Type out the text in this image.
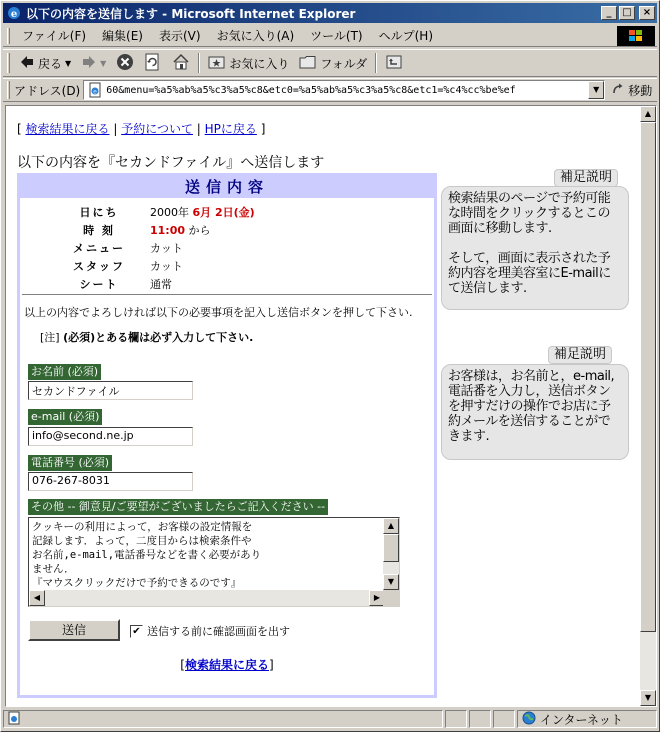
e 以下の内容を送信します - Microsoft Internet Explorer	_	□	×
ファイル(F)	編集(E)	表示(V)	お気に入り(A)	ツール(T)	ヘルプ(H)
戻る ▼	▼	お気に入り	フォルダ
アドレス(D) e 60&menu=%a5%ab%a5%c3%a5%c8&etc0=%a5%ab%a5%c3%a5%c8&etc1=%c4%cc%be%ef	▼	移動
[ 検索結果に戻る | 予約について | HPに戻る ]
以下の内容を『セカンドファイル』へ送信します
送信内容
日にち	2000年 6月 2日(金)
時 刻	11:00 から
メニュー	カット
スタッフ	カット
シート	通常
以上の内容でよろしければ以下の必要事項を記入し送信ボタンを押して下さい.
[注] (必須)とある欄は必ず入力して下さい.
お名前 (必須)
セカンドファイル
e-mail (必須)
info@second.ne.jp
電話番号 (必須)
076-267-8031
その他 -- 御意見/ご要望がございましたらご記入ください --
クッキーの利用によって，お客様の設定情報を
記録します．よって，二度目からは検索条件や
お名前,e-mail,電話番号などを書く必要があり
ません．
『マウスクリックだけで予約できるのです』
▲
▼
◀	▶
送信	✔ 送信する前に確認画面を出す
[検索結果に戻る]
補足説明

検索結果のページで予約可能な時間をクリックするとこの画面に移動します.

そして，画面に表示された予約内容を理美容室にE-mailにて送信します.

補足説明

お客様は，お名前と，e-mail,電話番を入力し，送信ボタンを押すだけの操作でお店に予約メールを送信することができます.

▲
▼
インターネット
